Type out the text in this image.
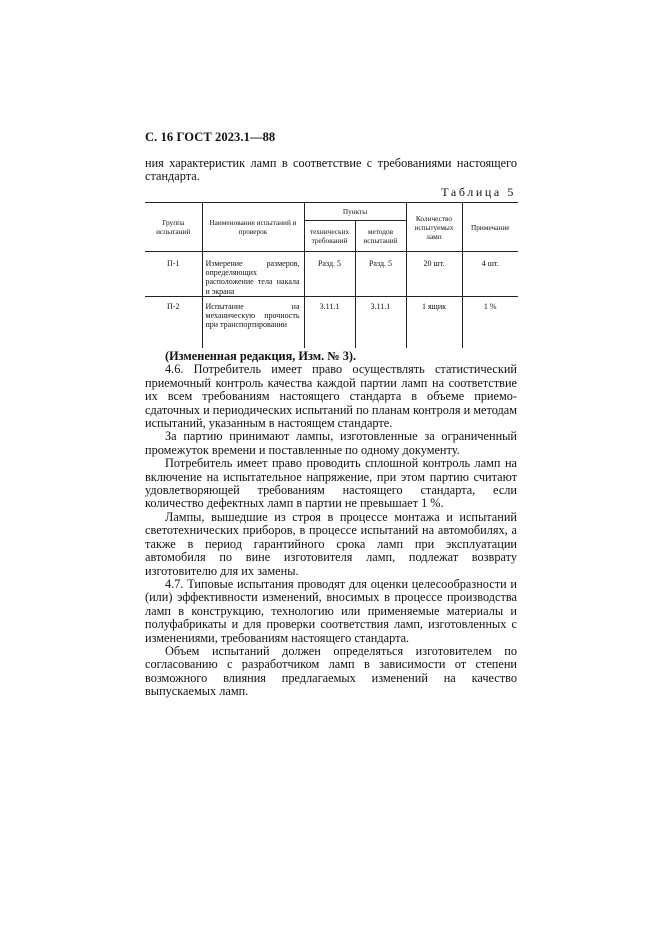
С. 16 ГОСТ 2023.1—88
ния характеристик ламп в соответствие с требованиями настоящего стандарта.
Таблица 5
Группа испытаний	Наименование испытаний и проверок	Пункты		Количество испытуемых ламп	Примечание
		технических требований	методов испытаний		
П-1	Измерение размеров, определяющих расположение тела накала и экрана	Разд. 5	Разд. 5	20 шт.	4 шт.
П-2	Испытание на механическую прочность при транспортировании	3.11.1	3.11.1	1 ящик	1 %
(Измененная редакция, Изм. № 3).
4.6. Потребитель имеет право осуществлять статистический приемочный контроль качества каждой партии ламп на соответствие их всем требованиям настоящего стандарта в объеме приемо-сдаточных и периодических испытаний по планам контроля и методам испытаний, указанным в настоящем стандарте.
За партию принимают лампы, изготовленные за ограниченный промежуток времени и поставленные по одному документу.
Потребитель имеет право проводить сплошной контроль ламп на включение на испытательное напряжение, при этом партию считают удовлетворяющей требованиям настоящего стандарта, если количество дефектных ламп в партии не превышает 1 %.
Лампы, вышедшие из строя в процессе монтажа и испытаний светотехнических приборов, в процессе испытаний на автомобилях, а также в период гарантийного срока ламп при эксплуатации автомобиля по вине изготовителя ламп, подлежат возврату изготовителю для их замены.
4.7. Типовые испытания проводят для оценки целесообразности и (или) эффективности изменений, вносимых в процессе производства ламп в конструкцию, технологию или применяемые материалы и полуфабрикаты и для проверки соответствия ламп, изготовленных с изменениями, требованиям настоящего стандарта.
Объем испытаний должен определяться изготовителем по согласованию с разработчиком ламп в зависимости от степени возможного влияния предлагаемых изменений на качество выпускаемых ламп.
